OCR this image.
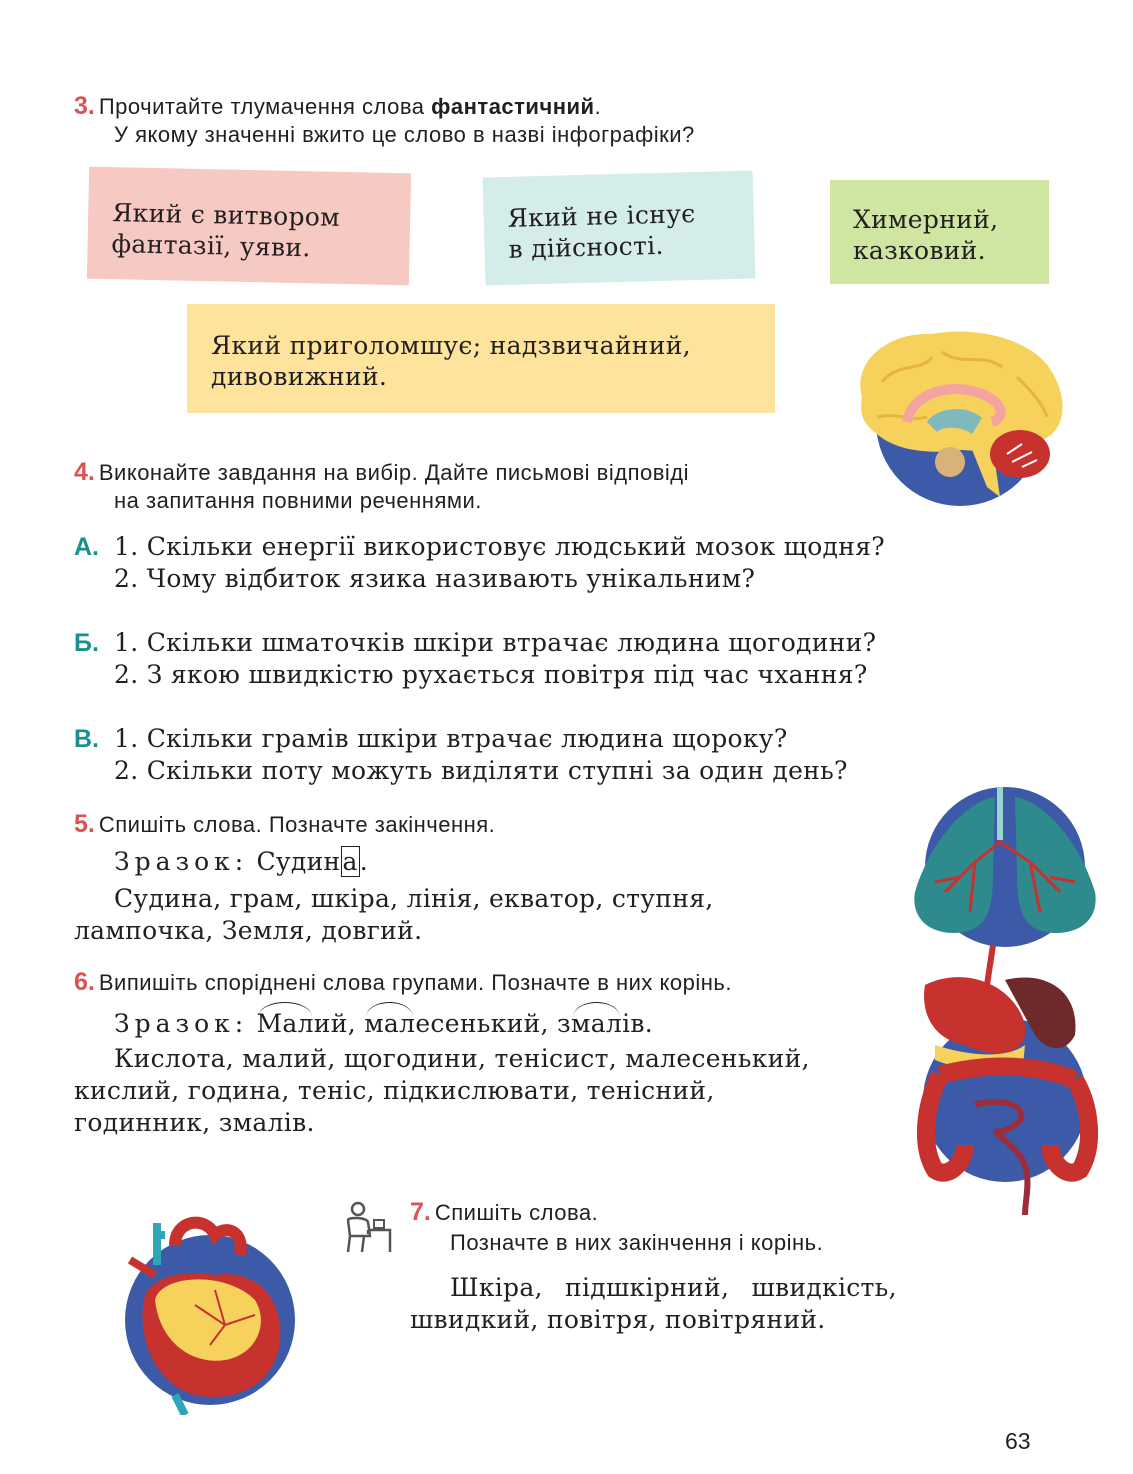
3. Прочитайте тлумачення слова фантастичний.
У якому значенні вжито це слово в назві інфографіки?
Який є витвором
фантазії, уяви.
Який не існує
в дійсності.
Химерний,
казковий.
Який приголомшує; надзвичайний,
дивовижний.
4. Виконайте завдання на вибір. Дайте письмові відповіді
на запитання повними реченнями.
А. 1. Скільки енергії використовує людський мозок щодня?
2. Чому відбиток язика називають унікальним?
Б. 1. Скільки шматочків шкіри втрачає людина щогодини?
2. З якою швидкістю рухається повітря під час чхання?
В. 1. Скільки грамів шкіри втрачає людина щороку?
2. Скільки поту можуть виділяти ступні за один день?
5. Спишіть слова. Позначте закінчення.
Зразок: Судина.
Судина, грам, шкіра, лінія, екватор, ступня,
лампочка, Земля, довгий.
6. Випишіть споріднені слова групами. Позначте в них корінь.
Зразок: Малий, малесенький, змалів.
Кислота, малий, щогодини, тенісист, малесенький,
кислий, година, теніс, підкислювати, тенісний,
годинник, змалів.
7. Спишіть слова.
Позначте в них закінчення і корінь.
Шкіра, підшкірний, швидкість,
швидкий, повітря, повітряний.
63
